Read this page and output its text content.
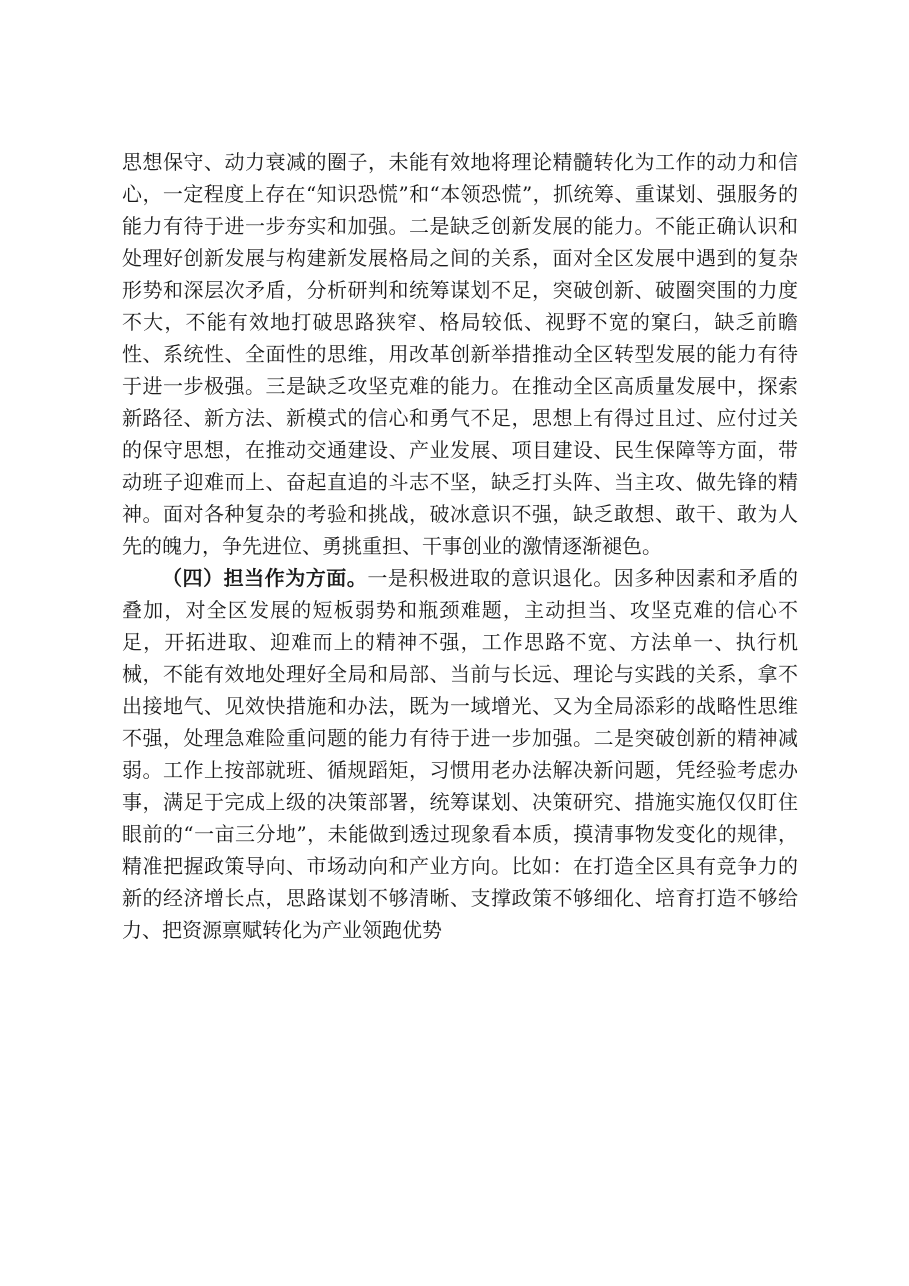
思想保守、动力衰减的圈子，未能有效地将理论精髓转化为工作的动力和信心，一定程度上存在“知识恐慌”和“本领恐慌”，抓统筹、重谋划、强服务的能力有待于进一步夯实和加强。二是缺乏创新发展的能力。不能正确认识和处理好创新发展与构建新发展格局之间的关系，面对全区发展中遇到的复杂形势和深层次矛盾，分析研判和统筹谋划不足，突破创新、破圈突围的力度不大，不能有效地打破思路狭窄、格局较低、视野不宽的窠臼，缺乏前瞻性、系统性、全面性的思维，用改革创新举措推动全区转型发展的能力有待于进一步极强。三是缺乏攻坚克难的能力。在推动全区高质量发展中，探索新路径、新方法、新模式的信心和勇气不足，思想上有得过且过、应付过关的保守思想，在推动交通建设、产业发展、项目建设、民生保障等方面，带动班子迎难而上、奋起直追的斗志不坚，缺乏打头阵、当主攻、做先锋的精神。面对各种复杂的考验和挑战，破冰意识不强，缺乏敢想、敢干、敢为人先的魄力，争先进位、勇挑重担、干事创业的激情逐渐褪色。

（四）担当作为方面。一是积极进取的意识退化。因多种因素和矛盾的叠加，对全区发展的短板弱势和瓶颈难题，主动担当、攻坚克难的信心不足，开拓进取、迎难而上的精神不强，工作思路不宽、方法单一、执行机械，不能有效地处理好全局和局部、当前与长远、理论与实践的关系，拿不出接地气、见效快措施和办法，既为一域增光、又为全局添彩的战略性思维不强，处理急难险重问题的能力有待于进一步加强。二是突破创新的精神减弱。工作上按部就班、循规蹈矩，习惯用老办法解决新问题，凭经验考虑办事，满足于完成上级的决策部署，统筹谋划、决策研究、措施实施仅仅盯住眼前的“一亩三分地”，未能做到透过现象看本质，摸清事物发变化的规律，精准把握政策导向、市场动向和产业方向。比如：在打造全区具有竞争力的新的经济增长点，思路谋划不够清晰、支撑政策不够细化、培育打造不够给力、把资源禀赋转化为产业领跑优势
